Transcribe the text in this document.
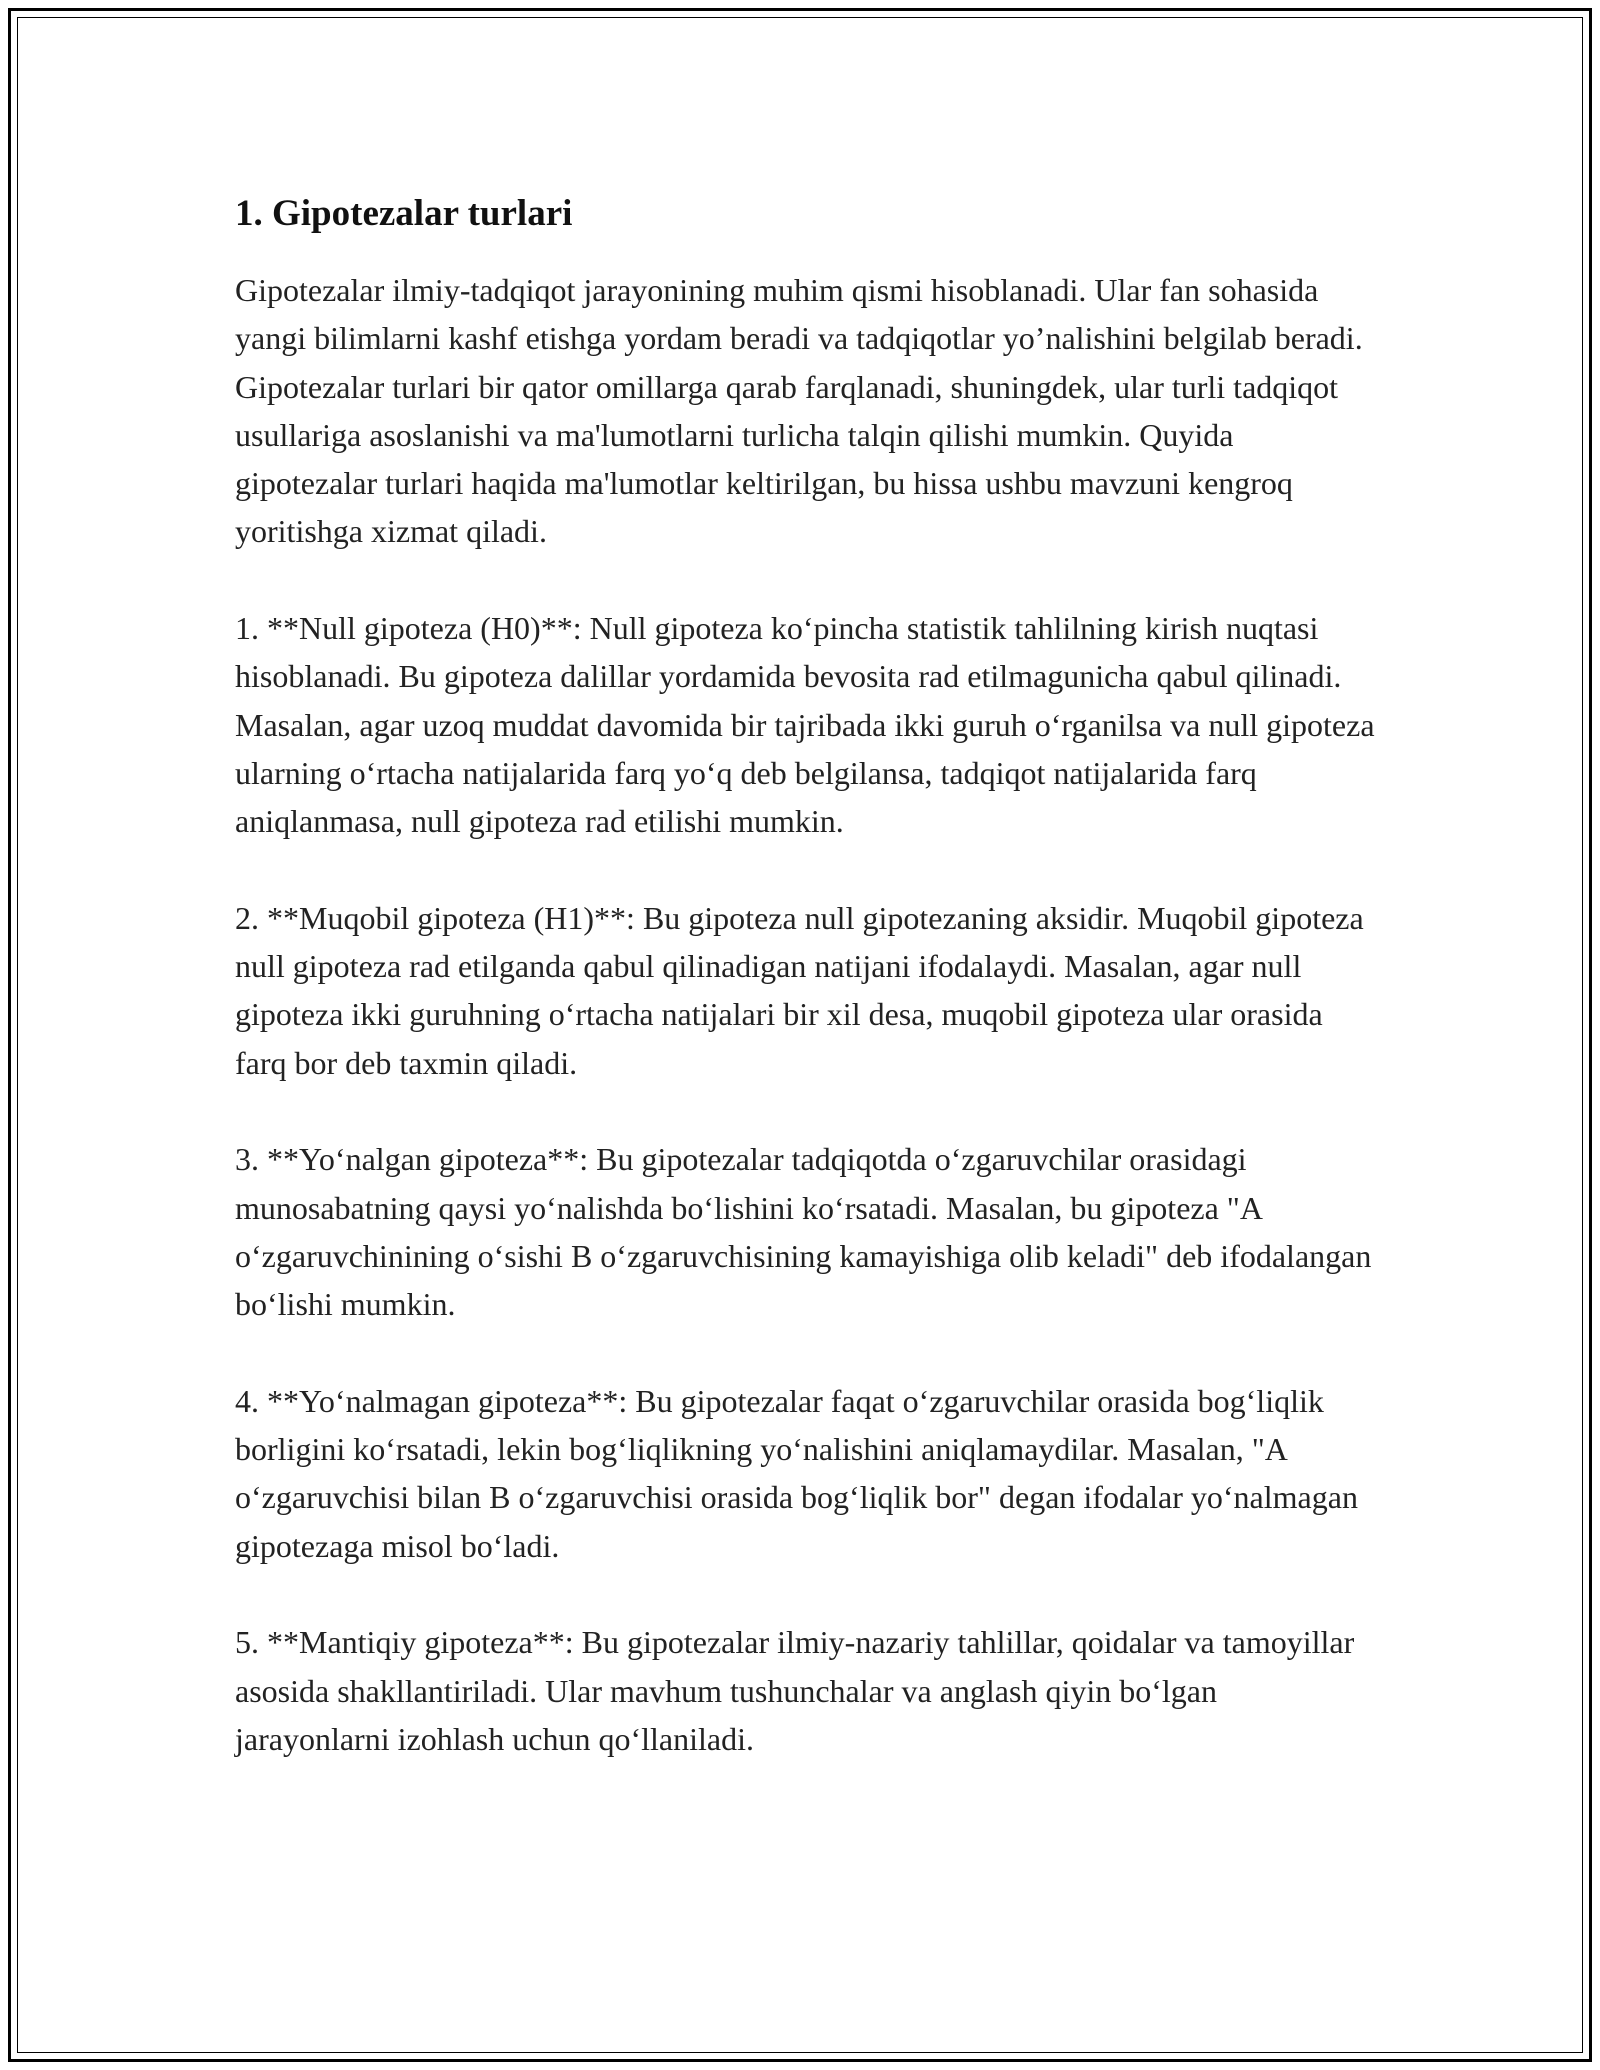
1. Gipotezalar turlari

Gipotezalar ilmiy-tadqiqot jarayonining muhim qismi hisoblanadi. Ular fan sohasida yangi bilimlarni kashf etishga yordam beradi va tadqiqotlar yo’nalishini belgilab beradi. Gipotezalar turlari bir qator omillarga qarab farqlanadi, shuningdek, ular turli tadqiqot usullariga asoslanishi va ma'lumotlarni turlicha talqin qilishi mumkin. Quyida gipotezalar turlari haqida ma'lumotlar keltirilgan, bu hissa ushbu mavzuni kengroq yoritishga xizmat qiladi.

1. **Null gipoteza (H0)**: Null gipoteza koʻpincha statistik tahlilning kirish nuqtasi hisoblanadi. Bu gipoteza dalillar yordamida bevosita rad etilmagunicha qabul qilinadi. Masalan, agar uzoq muddat davomida bir tajribada ikki guruh oʻrganilsa va null gipoteza ularning oʻrtacha natijalarida farq yoʻq deb belgilansa, tadqiqot natijalarida farq aniqlanmasa, null gipoteza rad etilishi mumkin.

2. **Muqobil gipoteza (H1)**: Bu gipoteza null gipotezaning aksidir. Muqobil gipoteza null gipoteza rad etilganda qabul qilinadigan natijani ifodalaydi. Masalan, agar null gipoteza ikki guruhning oʻrtacha natijalari bir xil desa, muqobil gipoteza ular orasida farq bor deb taxmin qiladi.

3. **Yoʻnalgan gipoteza**: Bu gipotezalar tadqiqotda oʻzgaruvchilar orasidagi munosabatning qaysi yoʻnalishda boʻlishini koʻrsatadi. Masalan, bu gipoteza "A oʻzgaruvchinining oʻsishi B oʻzgaruvchisining kamayishiga olib keladi" deb ifodalangan boʻlishi mumkin.

4. **Yoʻnalmagan gipoteza**: Bu gipotezalar faqat oʻzgaruvchilar orasida bogʻliqlik borligini koʻrsatadi, lekin bogʻliqlikning yoʻnalishini aniqlamaydilar. Masalan, "A oʻzgaruvchisi bilan B oʻzgaruvchisi orasida bogʻliqlik bor" degan ifodalar yoʻnalmagan gipotezaga misol boʻladi.

5. **Mantiqiy gipoteza**: Bu gipotezalar ilmiy-nazariy tahlillar, qoidalar va tamoyillar asosida shakllantiriladi. Ular mavhum tushunchalar va anglash qiyin boʻlgan jarayonlarni izohlash uchun qoʻllaniladi.
